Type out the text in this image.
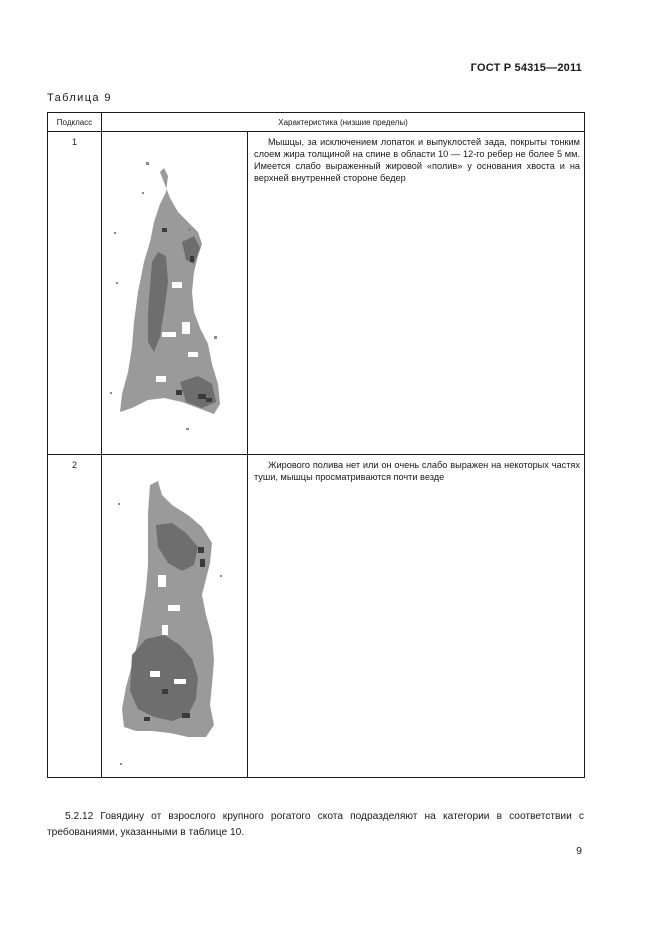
ГОСТ Р 54315—2011
Таблица 9
Подкласс	Характеристика (низшие пределы)	
1		Мышцы, за исключением лопаток и выпуклостей зада, покрыты тонким слоем жира толщиной на спине в области 10 — 12-го ребер не более 5 мм. Имеется слабо выраженный жировой «полив» у основания хвоста и на верхней внутренней стороне бедер
2		Жирового полива нет или он очень слабо выражен на некоторых частях туши, мышцы просматриваются почти везде
5.2.12 Говядину от взрослого крупного рогатого скота подразделяют на категории в соответствии с требованиями, указанными в таблице 10.
9
